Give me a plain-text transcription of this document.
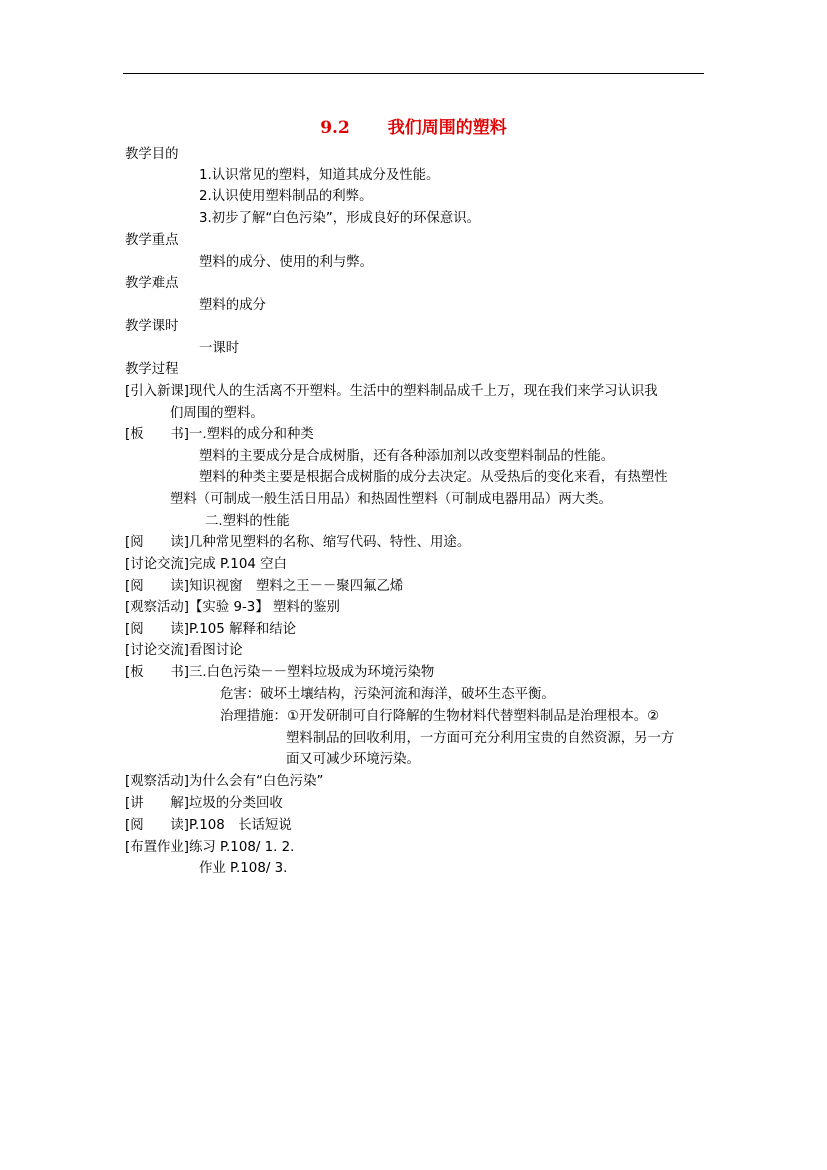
9.2 我们周围的塑料
教学目的
1.认识常见的塑料，知道其成分及性能。
2.认识使用塑料制品的利弊。
3.初步了解“白色污染”，形成良好的环保意识。
教学重点
塑料的成分、使用的利与弊。
教学难点
塑料的成分
教学课时
一课时
教学过程
[引入新课]现代人的生活离不开塑料。生活中的塑料制品成千上万，现在我们来学习认识我
们周围的塑料。
[板　　书]一.塑料的成分和种类
塑料的主要成分是合成树脂，还有各种添加剂以改变塑料制品的性能。
塑料的种类主要是根据合成树脂的成分去决定。从受热后的变化来看，有热塑性
塑料（可制成一般生活日用品）和热固性塑料（可制成电器用品）两大类。
二.塑料的性能
[阅　　读]几种常见塑料的名称、缩写代码、特性、用途。
[讨论交流]完成 P.104 空白
[阅　　读]知识视窗　塑料之王－－聚四氟乙烯
[观察活动]【实验 9-3】 塑料的鉴别
[阅　　读]P.105 解释和结论
[讨论交流]看图讨论
[板　　书]三.白色污染－－塑料垃圾成为环境污染物
危害：破坏土壤结构，污染河流和海洋，破坏生态平衡。
治理措施：①开发研制可自行降解的生物材料代替塑料制品是治理根本。②
塑料制品的回收利用，一方面可充分利用宝贵的自然资源，另一方
面又可减少环境污染。
[观察活动]为什么会有“白色污染”
[讲　　解]垃圾的分类回收
[阅　　读]P.108　长话短说
[布置作业]练习 P.108/ 1. 2.
作业 P.108/ 3.
